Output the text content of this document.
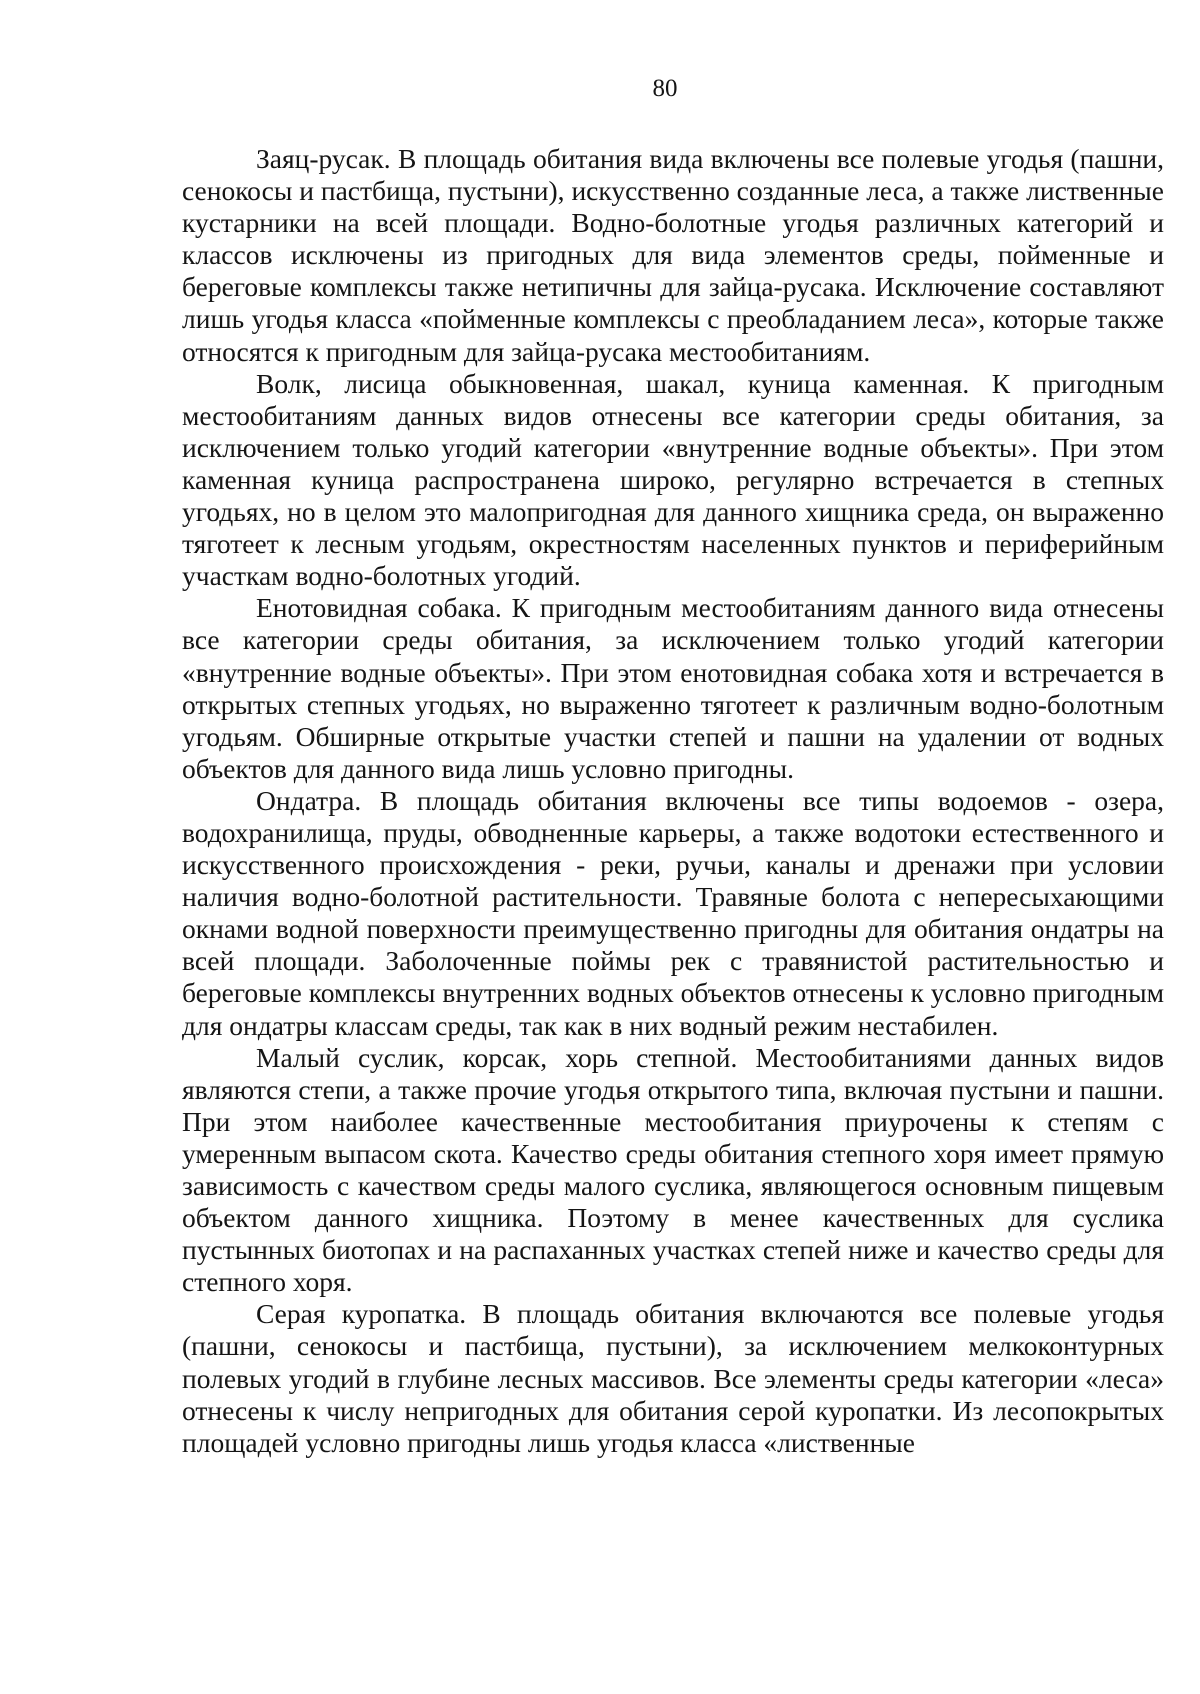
80

Заяц-русак. В площадь обитания вида включены все полевые угодья (пашни, сенокосы и пастбища, пустыни), искусственно созданные леса, а также лиственные кустарники на всей площади. Водно-болотные угодья различных категорий и классов исключены из пригодных для вида элементов среды, пойменные и береговые комплексы также нетипичны для зайца-русака. Исключение составляют лишь угодья класса «пойменные комплексы с преобладанием леса», которые также относятся к пригодным для зайца-русака местообитаниям.

Волк, лисица обыкновенная, шакал, куница каменная. К пригодным местообитаниям данных видов отнесены все категории среды обитания, за исключением только угодий категории «внутренние водные объекты». При этом каменная куница распространена широко, регулярно встречается в степных угодьях, но в целом это малопригодная для данного хищника среда, он выраженно тяготеет к лесным угодьям, окрестностям населенных пунктов и периферийным участкам водно-болотных угодий.

Енотовидная собака. К пригодным местообитаниям данного вида отнесены все категории среды обитания, за исключением только угодий категории «внутренние водные объекты». При этом енотовидная собака хотя и встречается в открытых степных угодьях, но выраженно тяготеет к различным водно-болотным угодьям. Обширные открытые участки степей и пашни на удалении от водных объектов для данного вида лишь условно пригодны.

Ондатра. В площадь обитания включены все типы водоемов - озера, водохранилища, пруды, обводненные карьеры, а также водотоки естественного и искусственного происхождения - реки, ручьи, каналы и дренажи при условии наличия водно-болотной растительности. Травяные болота с непересыхающими окнами водной поверхности преимущественно пригодны для обитания ондатры на всей площади. Заболоченные поймы рек с травянистой растительностью и береговые комплексы внутренних водных объектов отнесены к условно пригодным для ондатры классам среды, так как в них водный режим нестабилен.

Малый суслик, корсак, хорь степной. Местообитаниями данных видов являются степи, а также прочие угодья открытого типа, включая пустыни и пашни. При этом наиболее качественные местообитания приурочены к степям с умеренным выпасом скота. Качество среды обитания степного хоря имеет прямую зависимость с качеством среды малого суслика, являющегося основным пищевым объектом данного хищника. Поэтому в менее качественных для суслика пустынных биотопах и на распаханных участках степей ниже и качество среды для степного хоря.

Серая куропатка. В площадь обитания включаются все полевые угодья (пашни, сенокосы и пастбища, пустыни), за исключением мелкоконтурных полевых угодий в глубине лесных массивов. Все элементы среды категории «леса» отнесены к числу непригодных для обитания серой куропатки. Из лесопокрытых площадей условно пригодны лишь угодья класса «лиственные
